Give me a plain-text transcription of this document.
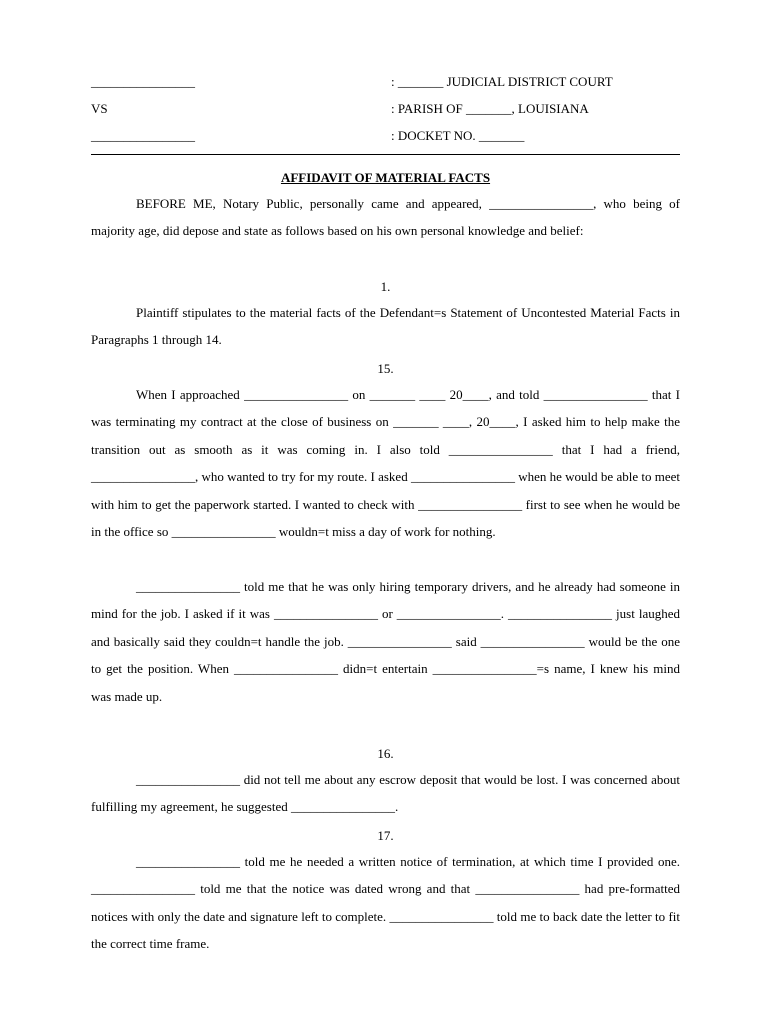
________________	: _______ JUDICIAL DISTRICT COURT
VS	: PARISH OF _______, LOUISIANA
________________	: DOCKET NO. _______
AFFIDAVIT OF MATERIAL FACTS

BEFORE ME, Notary Public, personally came and appeared, ________________, who being of majority age, did depose and state as follows based on his own personal knowledge and belief:

1.

Plaintiff stipulates to the material facts of the Defendant=s Statement of Uncontested Material Facts in Paragraphs 1 through 14.

15.

When I approached ________________ on _______ ____ 20____, and told ________________ that I was terminating my contract at the close of business on _______ ____, 20____, I asked him to help make the transition out as smooth as it was coming in. I also told ________________ that I had a friend, ________________, who wanted to try for my route. I asked ________________ when he would be able to meet with him to get the paperwork started. I wanted to check with ________________ first to see when he would be in the office so ________________ wouldn=t miss a day of work for nothing.

________________ told me that he was only hiring temporary drivers, and he already had someone in mind for the job. I asked if it was ________________ or ________________. ________________ just laughed and basically said they couldn=t handle the job. ________________ said ________________ would be the one to get the position. When ________________ didn=t entertain ________________=s name, I knew his mind was made up.

16.

________________ did not tell me about any escrow deposit that would be lost. I was concerned about fulfilling my agreement, he suggested ________________.

17.

________________ told me he needed a written notice of termination, at which time I provided one. ________________ told me that the notice was dated wrong and that ________________ had pre-formatted notices with only the date and signature left to complete. ________________ told me to back date the letter to fit the correct time frame.
